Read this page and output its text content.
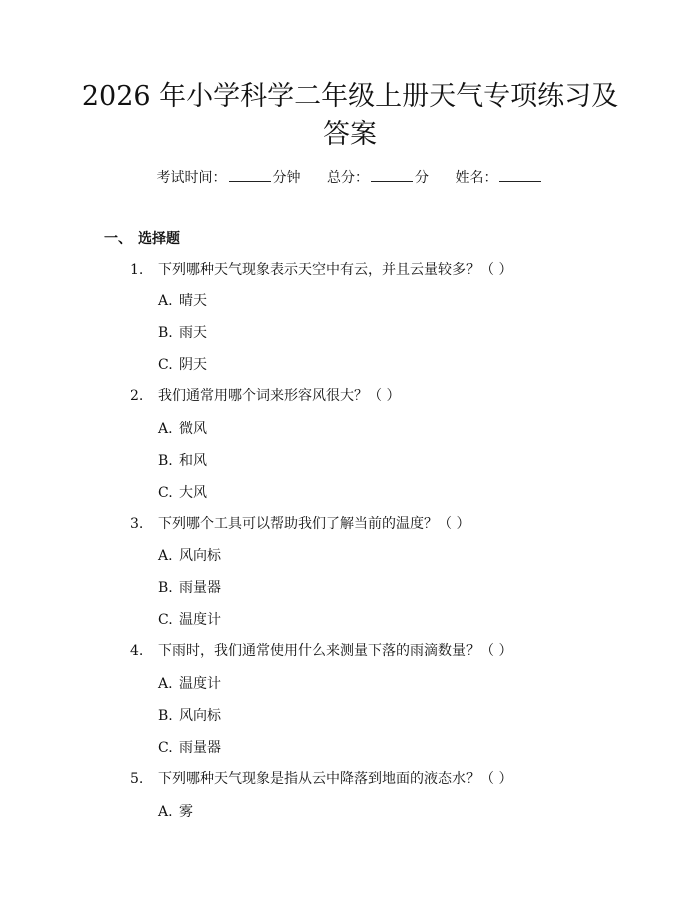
2026 年小学科学二年级上册天气专项练习及
答案
考试时间：	分钟 总分：	分 姓名：
一、 选择题
1. 下列哪种天气现象表示天空中有云，并且云量较多？（ ）
A. 晴天
B. 雨天
C. 阴天
2. 我们通常用哪个词来形容风很大？（ ）
A. 微风
B. 和风
C. 大风
3. 下列哪个工具可以帮助我们了解当前的温度？（ ）
A. 风向标
B. 雨量器
C. 温度计
4. 下雨时，我们通常使用什么来测量下落的雨滴数量？（ ）
A. 温度计
B. 风向标
C. 雨量器
5. 下列哪种天气现象是指从云中降落到地面的液态水？（ ）
A. 雾
